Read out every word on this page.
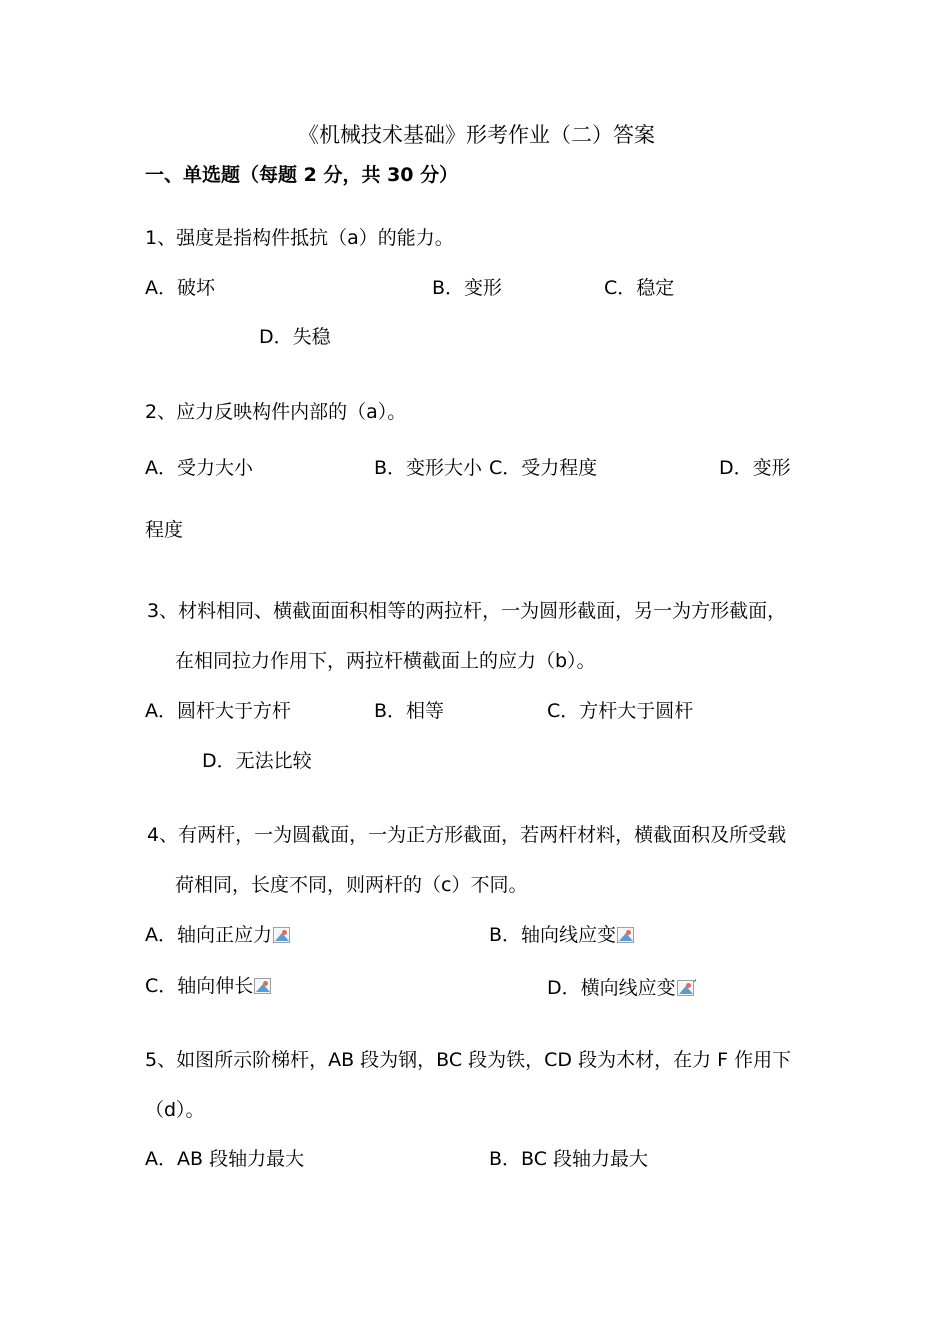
《机械技术基础》形考作业（二）答案
一、单选题（每题 2 分，共 30 分）
1、强度是指构件抵抗（a）的能力。
A．破坏	B．变形	C．稳定
D．失稳
2、应力反映构件内部的（a）。
A．受力大小	B．变形大小 C．受力程度	D．变形
程度
3、材料相同、横截面面积相等的两拉杆，一为圆形截面，另一为方形截面，
在相同拉力作用下，两拉杆横截面上的应力（b）。
A．圆杆大于方杆	B．相等	C．方杆大于圆杆
D．无法比较
4、有两杆，一为圆截面，一为正方形截面，若两杆材料，横截面积及所受载
荷相同，长度不同，则两杆的（c）不同。
A．轴向正应力	B．轴向线应变
C．轴向伸长	D．横向线应变 ′
5、如图所示阶梯杆，AB 段为钢，BC 段为铁，CD 段为木材，在力 F 作用下
（d）。
A．AB 段轴力最大	B．BC 段轴力最大
